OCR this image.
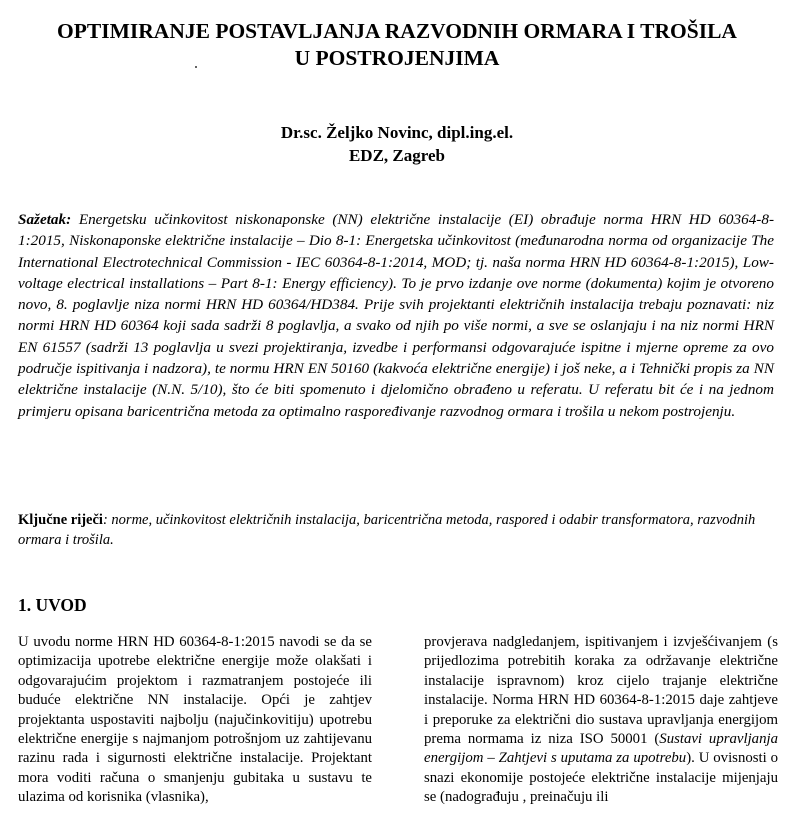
OPTIMIRANJE POSTAVLJANJA RAZVODNIH ORMARA I TROŠILA
U POSTROJENJIMA
Dr.sc. Željko Novinc, dipl.ing.el.
EDZ, Zagreb
Sažetak: Energetsku učinkovitost niskonaponske (NN) električne instalacije (EI) obrađuje norma HRN HD 60364-8-1:2015, Niskonaponske električne instalacije – Dio 8-1: Energetska učinkovitost (međunarodna norma od organizacije The International Electrotechnical Commission - IEC 60364-8-1:2014, MOD; tj. naša norma HRN HD 60364-8-1:2015), Low-voltage electrical installations – Part 8-1: Energy efficiency). To je prvo izdanje ove norme (dokumenta) kojim je otvoreno novo, 8. poglavlje niza normi HRN HD 60364/HD384. Prije svih projektanti električnih instalacija trebaju poznavati: niz normi HRN HD 60364 koji sada sadrži 8 poglavlja, a svako od njih po više normi, a sve se oslanjaju i na niz normi HRN EN 61557 (sadrži 13 poglavlja u svezi projektiranja, izvedbe i performansi odgovarajuće ispitne i mjerne opreme za ovo područje ispitivanja i nadzora), te normu HRN EN 50160 (kakvoća električne energije) i još neke, a i Tehnički propis za NN električne instalacije (N.N. 5/10), što će biti spomenuto i djelomično obrađeno u referatu. U referatu bit će i na jednom primjeru opisana baricentrična metoda za optimalno raspoređivanje razvodnog ormara i trošila u nekom postrojenju.
Ključne riječi: norme, učinkovitost električnih instalacija, baricentrična metoda, raspored i odabir transformatora, razvodnih ormara i trošila.
1. UVOD
U uvodu norme HRN HD 60364-8-1:2015 navodi se da se optimizacija upotrebe električne energije može olakšati i odgovarajućim projektom i razmatranjem postojeće ili buduće električne NN instalacije. Opći je zahtjev projektanta uspostaviti najbolju (najučinkovitiju) upotrebu električne energije s najmanjom potrošnjom uz zahtijevanu razinu rada i sigurnosti električne instalacije. Projektant mora voditi računa o smanjenju gubitaka u sustavu te ulazima od korisnika (vlasnika),
provjerava nadgledanjem, ispitivanjem i izvješćivanjem (s prijedlozima potrebitih koraka za održavanje električne instalacije ispravnom) kroz cijelo trajanje električne instalacije. Norma HRN HD 60364-8-1:2015 daje zahtjeve i preporuke za električni dio sustava upravljanja energijom prema normama iz niza ISO 50001 (Sustavi upravljanja energijom – Zahtjevi s uputama za upotrebu). U ovisnosti o snazi ekonomije postojeće električne instalacije mijenjaju se (nadograđuju , preinačuju ili
